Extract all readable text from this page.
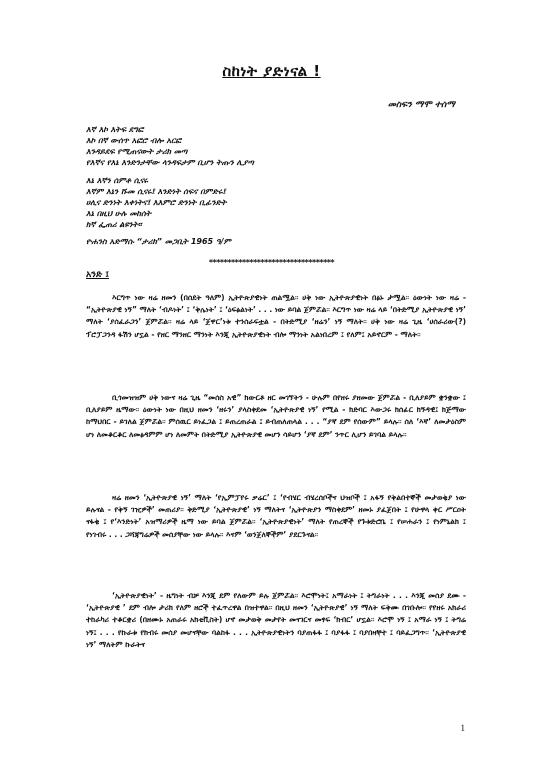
ስከነት ያድነናል !
መስፍን ማሞ ተሰማ
እኛ እኮ እትፍ ደግፎ
እኮ በኛ ውሰጥ አፎሮ ብሎ አርፎ
እንዳይደፍ የሚጠናውት ታሪክ መጣ
የእኛና የእኔ እንድንታቸው ላንዳፍታም ቢሆን ትጡን ሊያጣ
እኔ እኛን ሰምቶ ሲናሩ
እኛም እኔን ሹመ ሲናሩ፤ እንድነት ሰፍና በምድሩ፤
ሀሊና ድንነት እቀነትና፤ እእምሮ ድንነት ቢፊንድት
እኔ በዚህ ሁሉ መከሰት
ክኛ ፌጠሪ ልዩንት።
ዮሐንስ አድማሱ “ታሪክ” መጋቢት 1965 ዓ/ም
**********************************
አንድ ፤

እርግጥ ነው ዛሬ ዘመን (በሰደት ዓለም) ኢትዮጵያዊነት ጠልሟል። ሀቅ ነው ኢትዮጵያዊነት በፅኑ ታሟል። ዕውነት ነው ዛሬ - “ኢትዮጵያዊ ነኝ” ማለት ‘ብዶነት’ ፤ ‘ቅሌነት’ ፤ ‘ዕፍፅልነት’ . . . ነው ይባል ጀምሯል። እርግጥ ነው ዛሬ ላይ ‘በትድሚያ ኢትዮጵያዊ ነኝ’ ማለት ‘ያሰፈራጋን’ ጀምሯል። ዛሬ ላይ ‘ጀዋር’ነቱ ተንሰራፍቷል - በትድሚያ ‘ዘሬን’ ነኝ ማለት። ሀቅ ነው ዛሬ ጊዜ ‘ሀሰራሪው(?) ፕሮፓጋንዳ ፋሽን ሆኗል - የዘር ማንዘር ማንነት እንጂ ኢትዮጵያዊነት ብሎ ማንነት አልነበረም ፤ የለም፤ አይኖርም - ማለት።

ቢጎመዝዝም ሀቅ ነውና ዛሬ ጊዜ “መሰስ አዊ” ክውርቶ ዘር መገኘትን - ሁሉም በየዘሩ ያዘመው ጀምሯል - ቢለያይም ቋንቋው ፤ ቢለያይም ዜማው። ዕውነት ነው በዚህ ዘመን ‘ዘሩን’ ያላስቀደመ ‘ኢትዮጵያዊ ነኝ’ የሚል - ክድባር እውጋሩ ክሰፊር ክኝዳዊ፤ ክጅማው ከማህበር - ይገለል ጀምሯል። ምሰዉር ይነፈጋል ፤ ይጠረጠራል ፤ ይብጠለጠላል . . . “ያኛ ደም የሰውም” ይላሉ። ሰለ ‘እኛ’ ለመታዕስም ሆነ ለመቆርቆር ለመፅዳምም ሆነ ለመምት በትድሚያ ኢትዮጵያዊ መሆን ሳይሆን ‘ያኛ ደም’ ንጥር ሊሆን ይገባል ይላሉ።

ዛሬ ዘመን ‘ኢትዮጵያዊ ነኝ’ ማለት ‘የኢምፓየሩ ቃሬር’ ፤ ‘የብሄር ብሄረሰቦችና ህዝቦች ፤ አፋኝ የቅልበተኞች መታወቂያ ነው ይሉናል - የቅኝ ገዢዎች’ መጠሪያ። ቅድሚያ ‘ኢትዮጵያዊ’ ነኝ ማለትና ‘ኢትዮጵያን ማስቀደም’ ዘመኑ ያፈጀበት ፤ የሁዋላ ቀር ሥርዐት ናፋቂ ፤ የ‘እንድነት’ አዝማሪዎች ዜማ ነው ይባል ጀምሯል። ‘ኢትዮጵያዊነት’ ማለት የጠረኞች የጉቱድሮቤ ፤ የሠሐራን ፤ የነምኒልክ ፤ የነገብሩ . . . ጋሻጃግሬዎች መሰያቸው ነው ይላሉ። እናም ‘ወንጀለኞችም’ ያደርጉናል።

‘ኢትዮጵያዊነት’ - ዜግነት ብቻ እንጂ ደም የለውም ይሉ ጀምሯል። እሮሞነት፤ አማራነት ፤ ትግራነት . . . እንጂ መሰያ ደሙ - ‘ኢትዮጵያዊ ’ ደም ብሎ ታሪክ የለም ዘሮች ተፈጥረዋል በዝተዋል። በዚህ ዘመን ‘ኢትዮጵያዊ’ ነኝ ማለት ፍቅሙ በገቡሎ። የየዘሩ አክራሪ ተከራካሪ ተቆርቋሪ (በዘሙኑ አጠራሩ አክቲቪስት) ሆኖ መታወቅ መታየት መናገርና መፃፍ ‘ክብር’ ሆኗል። እሮሞ ነኝ ፤ አማራ ነኝ ፤ ትግሬ ነኝ፤ . . . የኩራቱ የክብሩ መሰያ መሆናቸው ባልከፋ . . . ኢትዮጵያዊነትን ባያጠፋፋ ፤ ባያፋፋ ፤ ባያበዛቸተ ፤ ባይፈጋግጥ። ‘ኢትዮጵያዊ ነኝ’ ማለትም ኩራትና

1
